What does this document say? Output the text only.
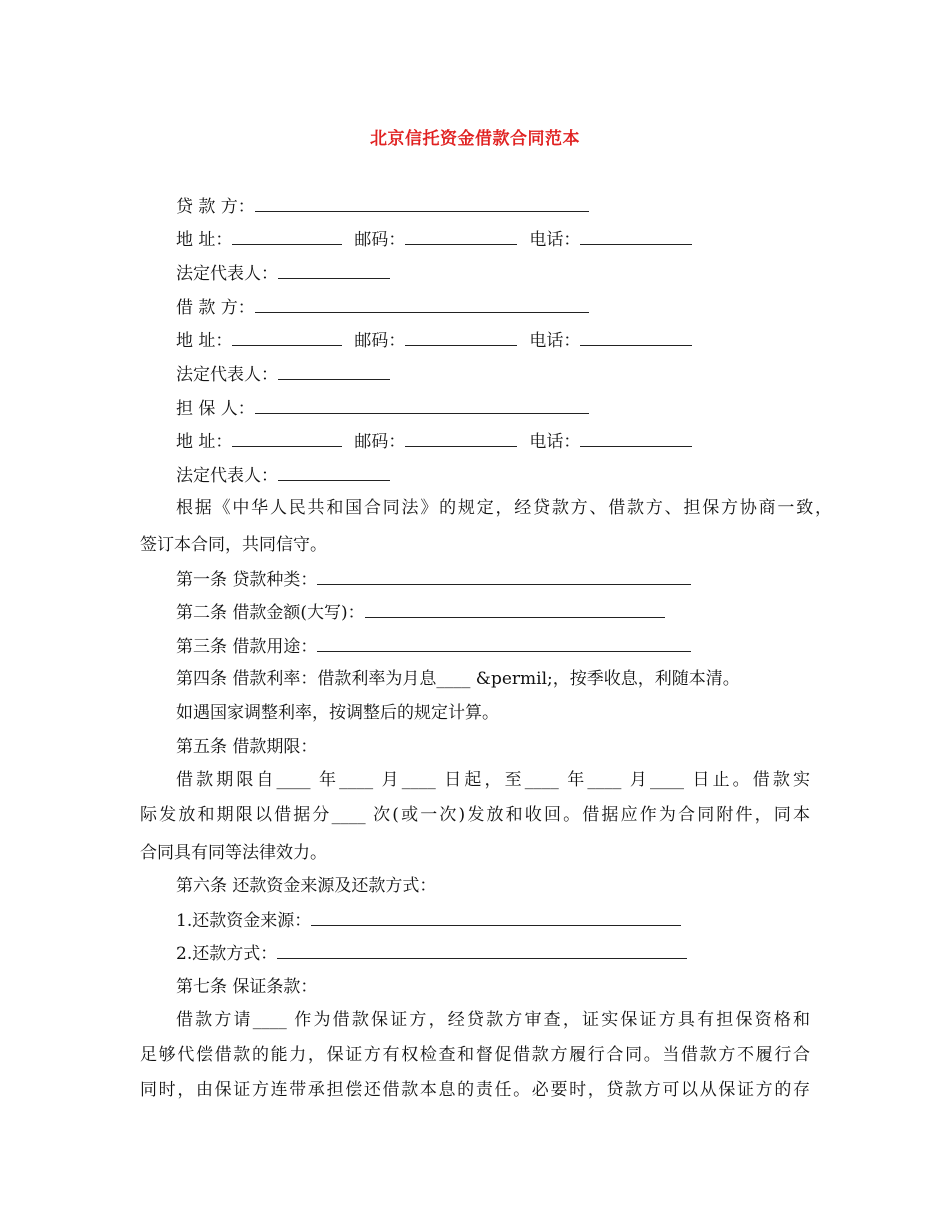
北京信托资金借款合同范本
贷 款 方：
地 址：	邮码：	电话：
法定代表人：
借 款 方：
地 址：	邮码：	电话：
法定代表人：
担 保 人：
地 址：	邮码：	电话：
法定代表人：
根据《中华人民共和国合同法》的规定，经贷款方、借款方、担保方协商一致，
签订本合同，共同信守。
第一条 贷款种类：
第二条 借款金额(大写)：
第三条 借款用途：
第四条 借款利率：借款利率为月息____ &permil;，按季收息，利随本清。
如遇国家调整利率，按调整后的规定计算。
第五条 借款期限：
借款期限自____ 年____ 月____ 日起，至____ 年____ 月____ 日止。借款实
际发放和期限以借据分____ 次(或一次)发放和收回。借据应作为合同附件，同本
合同具有同等法律效力。
第六条 还款资金来源及还款方式：
1.还款资金来源：
2.还款方式：
第七条 保证条款：
借款方请____ 作为借款保证方，经贷款方审查，证实保证方具有担保资格和
足够代偿借款的能力，保证方有权检查和督促借款方履行合同。当借款方不履行合
同时，由保证方连带承担偿还借款本息的责任。必要时，贷款方可以从保证方的存
